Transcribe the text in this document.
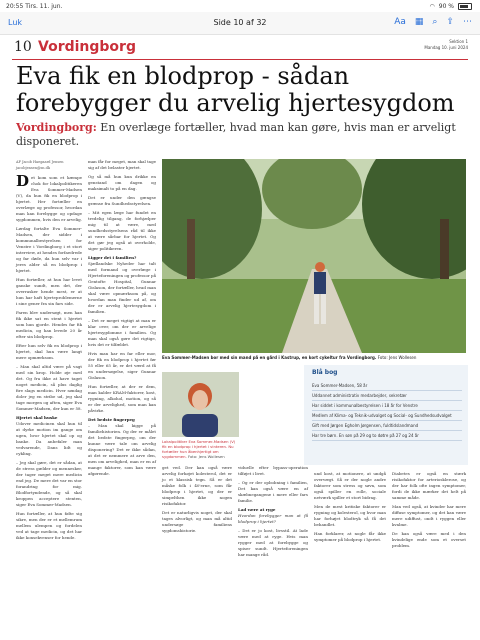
20:55 Tirs. 11. jun.	◠ 90 %
Luk	Side 10 af 32	Aa ▦ ⌕ ⇪ ⋯
10 Vordingborg	Sektion 1
Mandag 10. juni 2024
Eva fik en blodprop - sådan forebygger du arvelig hjertesygdom
Vordingborg: En overlæge fortæller, hvad man kan gøre, hvis man er arveligt disponeret.
AF Jacob Haegaard Jensen
jacobjensen@sn.dk

Det kom som et kæmpe chok for lokalpolitikeren Eva Sommer-Madsen (V), da hun fik en blodprop i hjertet. Her fortæller en overlæge og professor, hvordan man kan forebygge og opdage sygdommen, hvis den er arvelig.

Lørdag fortalte Eva Sommer-Madsen, der sidder i kommunalbestyrelsen for Venstre i Vordingborg i et stort interview, at hendes forfaedrede og far døde, da hun selv var i jeres alder så en blodprop i hjertet.

Hun fortæller, at hun har levet ganske sundt, men det, der overrasker hende mest, er at hun har haft hjerteproblemerne i sine gener fra sin fars side.

Faren blev undersøgt, men han fik ikke sat en stent i hjertet som hun gjorde. Hendes far fik medicin, og han levede 20 år efter sin blodprop.

Efter hun selv fik en blodprop i hjertet, skal hun være langt mere opmærksom.

– Man skal altid være på vagt med sin krop. Holde øje med det. Og fra ikke at have taget noget medicin, så plus daglig fire slags medicin. Hver søndag doler jeg en stribe ud, jeg skal tage morgen og aften, siger Eva Sommer-Madsen, der kun er 58.

Hjertet skal huske

Udover medicinen skal hun til at dyrke motion im gange om ugen, hvor hjertet skal op og banke. Da anbefaler man vedvarende, Dans lidt og cykling.

– Jeg skal gøre, det er sådan, at de stress gælder og mennesker, der tager meget mere medicin end jeg. De mere det var en stor forandring for mig. Blodfortyndende, og så skal kroppen acceptere stenten, siger Eva Sommer-Madsen.

Hun fortæller, at hun følte sig sikre, men der er et mellemrum mellem ulempen og fordelen ved at tage medicin, og det har ikke konsekvenser for hende.

man får for meget, man skal tage sig af det belaster hjertet.

Og så må hun kun drikke en genstand om dagen og maksimalt to på en dag.

Det er under den gængse grænse fra Sundhedsstyrelsen.

– Mit egen læge har fundet en tredelig tilgang, de forhjælper mig til at være, med sundhedsstyrelsens råd til ikke at være sårbar for hjertet. Og det gør jeg også at overholde, siger politikeren.

Ligger det i familien?

Sjællandske Nyheder har talt med formand og overlæge i Hjerteforeningen og professor på Gentofte Hospital, Gunnar Gislason, der fortæller, hvad man skal være opmærksom på, og hvordan man finder ud af, om der er arvelig hjertesygdom i familien.

– Det er meget vigtigt at man er klar over, om der er arvelige hjertesygdomme i familien. Og man skal også gøre det rigtige, hvis det er tilfældet.

Hvis man har en far eller mor, der fik en blodprop i hjertet før 55 eller 65 år, er det værd at få en undersøgelse, siger Gunnar Gislason.

Hun fortæller, at der er dem, man kalder KRAM-faktorer, kost, rygning, alkohol, motion, og så er der arvelighed, som man kan påvirke.

Det bedste fingerpeg

– Man skal kigge på familiehistorien. Og der er målet det bedste fingerpeg, om der kunne være tale om arvelig disponering? Det er ikke sådan, at det er nemmere at arve den, men om arvelighed, man er en af mange faktorer, som kan være afgørende.

Eva Sommer-Madsen bor med sin mand på en gård i Kastrup, en kort cykeltur fra Vordingborg. Foto: Jens Wollesen
Lokalpolitiker Eva Sommer-Madsen (V) fik en blodprop i hjertet i vinteren. Nu fortæller hun åbenhjertigt om sygdommen. Foto: Jens Wollesen
Blå bog
Eva Sommer-Madsen, 58 år
Uddannet administrativ medarbejder, sekretær
Har siddet i kommunalbestyrelsen i 18 år for Venstre
Medlem af Klima- og Teknik-udvalget og Social- og Sundhedsudvalget
Gift med Jørgen Egholm Jørgensen, fuldtidslandmand
Har tre børn. En søn på 29 og to døtre på 27 og 24 år

get ved. Der kan også være arvelig forhøjet kolesterol, det er jo et klassisk tegn. Så er det måske folk i 40'erne, som får blodprop i hjertet, og der er simpelthen ikke nogen risikofaktor.

Det er naturligvis noget, der skal tages alvorligt, og man må altid undersøge familiens sygdomshistorie.

viduelle efter bypass-operation tilføjet i livet.

– Og er der opbobning i familien, Det kan også være en af skæbnegangene i mere eller fars familie.

Lad være at ryge

Hvordan forebygger man at få blodprop i hjertet?

– Det er jo kost, livsstil. At lade være med at ryge. Hvis man rygger med at forebygge og spiser sundt. Hjerteforeningen har mange råd.

und kost, at motionere, at undgå overvægt. Så er der nogle andre faktorer som stress og søvn, som også spiller en rolle, sociale netværk spiller et stort bidrag.

Men de mest kritiske faktorer er rygning og kolesterol, og hvor man har forhøjet blodtryk så få det behandlet.

Han forklarer, at nogle får ikke symptomer på blodprop i hjertet.

Diabetes er også en stærk risikofaktor for arteriosklerose, og der har folk ofte ingen symptomer, fordi de ikke mærker det helt på samme måde.

Man ved også, at kvinder har mere diffuse symptomer, og det kan være mere udiffust, ondt i ryggen eller kvalme.

De kan også være med i den kvindelige ende som et overset problem.
